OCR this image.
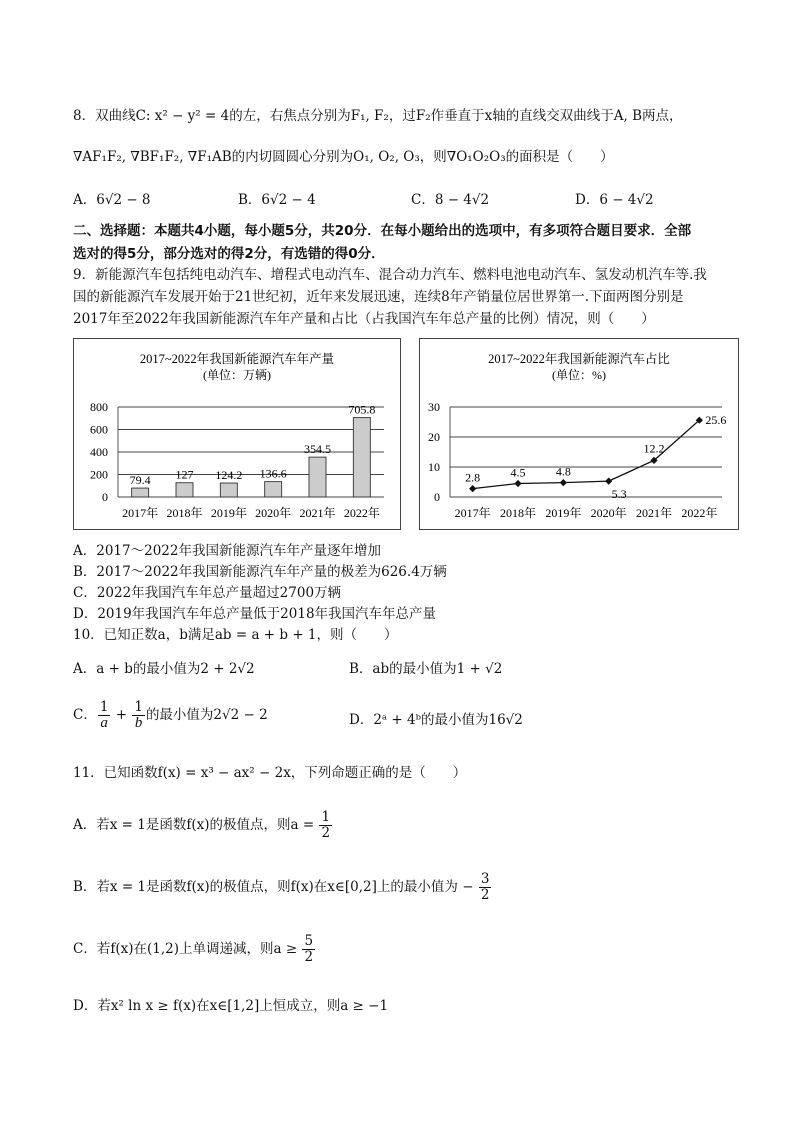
8．双曲线C: x² − y² = 4的左，右焦点分别为F₁, F₂，过F₂作垂直于x轴的直线交双曲线于A, B两点，
∇AF₁F₂, ∇BF₁F₂, ∇F₁AB的内切圆圆心分别为O₁, O₂, O₃，则∇O₁O₂O₃的面积是（　　）
A．6√2 − 8	B．6√2 − 4	C．8 − 4√2	D．6 − 4√2
二、选择题：本题共4小题，每小题5分，共20分．在每小题给出的选项中，有多项符合题目要求．全部
选对的得5分，部分选对的得2分，有选错的得0分．
9．新能源汽车包括纯电动汽车、增程式电动汽车、混合动力汽车、燃料电池电动汽车、氢发动机汽车等.我
国的新能源汽车发展开始于21世纪初，近年来发展迅速，连续8年产销量位居世界第一.下面两图分别是
2017年至2022年我国新能源汽车年产量和占比（占我国汽车年总产量的比例）情况，则（　　）
2017~2022年我国新能源汽车年产量
(单位：万辆)
0
200
400
600
800
79.4 127 124.2 136.6
354.5
705.8
2017年 2018年 2019年 2020年 2021年 2022年
2017~2022年我国新能源汽车占比
(单位：%)
0
10
20
30
2.8	4.5	4.8
5.3
12.2
25.6
2017年 2018年 2019年 2020年 2021年 2022年
A．2017～2022年我国新能源汽车年产量逐年增加
B．2017～2022年我国新能源汽车年产量的极差为626.4万辆
C．2022年我国汽车年总产量超过2700万辆
D．2019年我国汽车年总产量低于2018年我国汽车年总产量
10．已知正数a，b满足ab = a + b + 1，则（　　）
A．a + b的最小值为2 + 2√2	B．ab的最小值为1 + √2
C． $\frac{1}{a} + \frac{1}{b}$ 的最小值为2√2 − 2	D．2ᵃ + 4ᵇ的最小值为16√2
11．已知函数f(x) = x³ − ax² − 2x，下列命题正确的是（　　）
A．若x = 1是函数f(x)的极值点，则$a = \frac{1}{2}$
B．若x = 1是函数f(x)的极值点，则f(x)在x∈[0,2]上的最小值为 − $\frac{3}{2}$
C．若f(x)在(1,2)上单调递减，则$a \ge \frac{5}{2}$
D．若x² ln x ≥ f(x)在x∈[1,2]上恒成立，则a ≥ −1
